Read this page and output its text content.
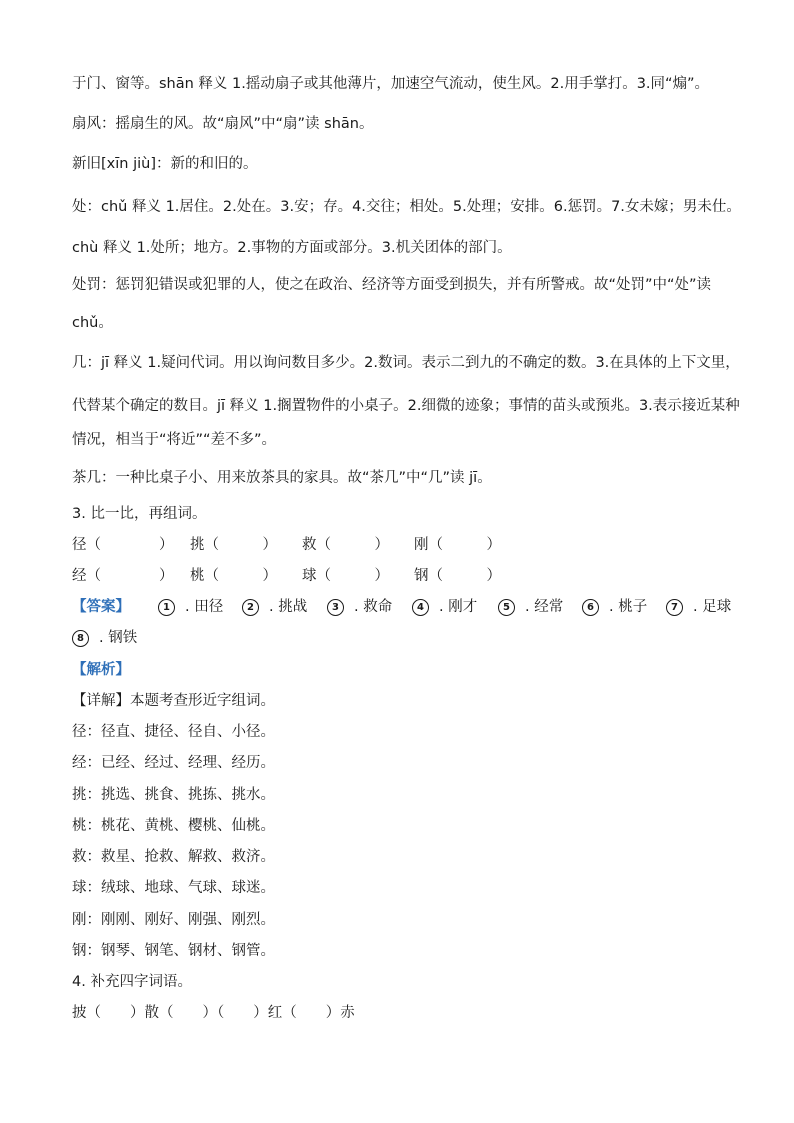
于门、窗等。shān 释义 1.摇动扇子或其他薄片，加速空气流动，使生风。2.用手掌打。3.同“煽”。
扇风：摇扇生的风。故“扇风”中“扇”读 shān。
新旧[xīn jiù]：新的和旧的。
处：chǔ 释义 1.居住。2.处在。3.安；存。4.交往；相处。5.处理；安排。6.惩罚。7.女未嫁；男未仕。
chù 释义 1.处所；地方。2.事物的方面或部分。3.机关团体的部门。
处罚：惩罚犯错误或犯罪的人，使之在政治、经济等方面受到损失，并有所警戒。故“处罚”中“处”读
chǔ。
几：jī 释义 1.疑问代词。用以询问数目多少。2.数词。表示二到九的不确定的数。3.在具体的上下文里，
代替某个确定的数目。jī 释义 1.搁置物件的小桌子。2.细微的迹象；事情的苗头或预兆。3.表示接近某种
情况，相当于“将近”“差不多”。
茶几：一种比桌子小、用来放茶具的家具。故“茶几”中“几”读 jī。
3. 比一比，再组词。
径（　　　　） 挑（　　　） 救（　　　） 刚（　　　）
经（　　　　） 桃（　　　） 球（　　　） 钢（　　　）
【答案】	1 . 田径	2 . 挑战	3 . 救命	4 . 刚才	5 . 经常	6 . 桃子	7 . 足球
8 . 钢铁
【解析】
【详解】本题考查形近字组词。
径：径直、捷径、径自、小径。
经：已经、经过、经理、经历。
挑：挑选、挑食、挑拣、挑水。
桃：桃花、黄桃、樱桃、仙桃。
救：救星、抢救、解救、救济。
球：绒球、地球、气球、球迷。
刚：刚刚、刚好、刚强、刚烈。
钢：钢琴、钢笔、钢材、钢管。
4. 补充四字词语。
披（　　）散（　　）（　　）红（　　）赤
